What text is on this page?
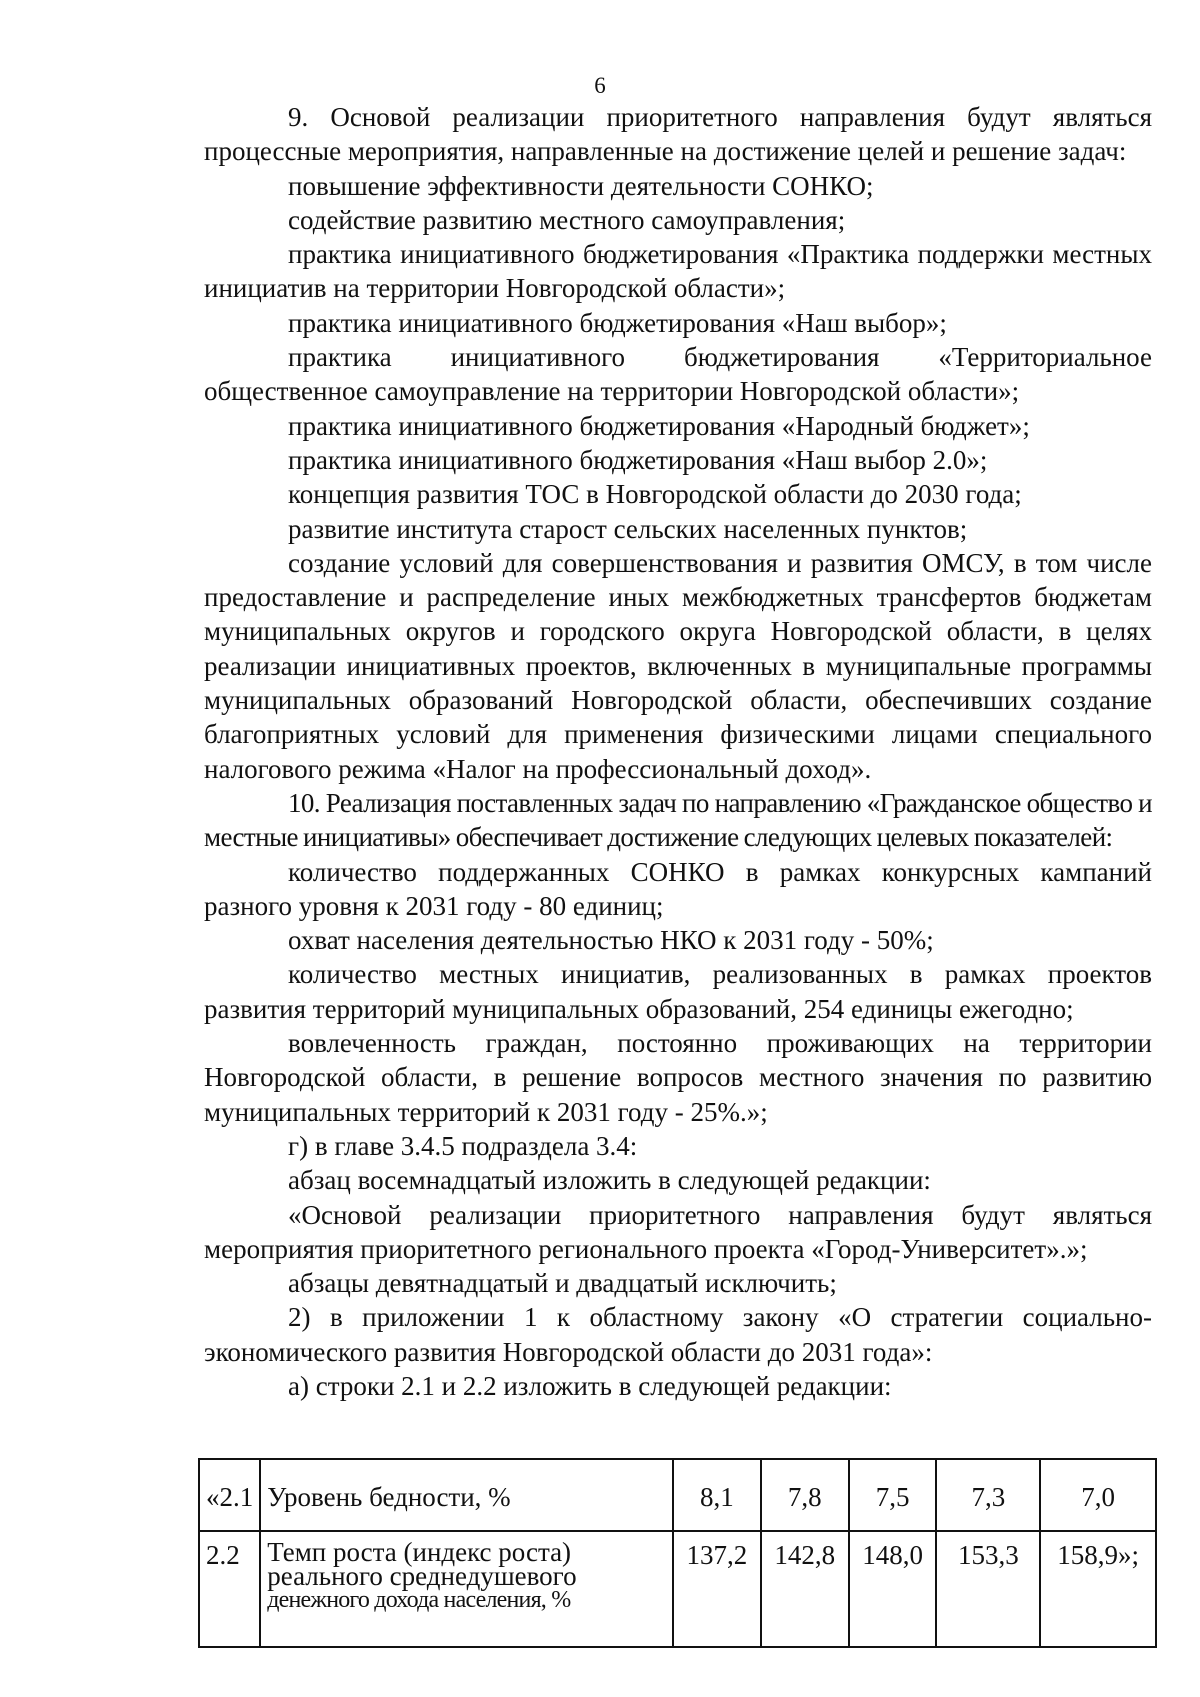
6

9. Основой реализации приоритетного направления будут являться процессные мероприятия, направленные на достижение целей и решение задач:

повышение эффективности деятельности СОНКО;

содействие развитию местного самоуправления;

практика инициативного бюджетирования «Практика поддержки местных инициатив на территории Новгородской области»;

практика инициативного бюджетирования «Наш выбор»;

практика инициативного бюджетирования «Территориальное общественное самоуправление на территории Новгородской области»;

практика инициативного бюджетирования «Народный бюджет»;

практика инициативного бюджетирования «Наш выбор 2.0»;

концепция развития ТОС в Новгородской области до 2030 года;

развитие института старост сельских населенных пунктов;

создание условий для совершенствования и развития ОМСУ, в том числе предоставление и распределение иных межбюджетных трансфертов бюджетам муниципальных округов и городского округа Новгородской области, в целях реализации инициативных проектов, включенных в муниципальные программы муниципальных образований Новгородской области, обеспечивших создание благоприятных условий для применения физическими лицами специального налогового режима «Налог на профессиональный доход».

10. Реализация поставленных задач по направлению «Гражданское общество и местные инициативы» обеспечивает достижение следующих целевых показателей:

количество поддержанных СОНКО в рамках конкурсных кампаний разного уровня к 2031 году - 80 единиц;

охват населения деятельностью НКО к 2031 году - 50%;

количество местных инициатив, реализованных в рамках проектов развития территорий муниципальных образований, 254 единицы ежегодно;

вовлеченность граждан, постоянно проживающих на территории Новгородской области, в решение вопросов местного значения по развитию муниципальных территорий к 2031 году - 25%.»;

г) в главе 3.4.5 подраздела 3.4:

абзац восемнадцатый изложить в следующей редакции:

«Основой реализации приоритетного направления будут являться мероприятия приоритетного регионального проекта «Город-Университет».»;

абзацы девятнадцатый и двадцатый исключить;

2) в приложении 1 к областному закону «О стратегии социально-экономического развития Новгородской области до 2031 года»:

а) строки 2.1 и 2.2 изложить в следующей редакции:

«2.1	Уровень бедности, %	8,1	7,8	7,5	7,3	7,0
2.2	Темп роста (индекс роста)
реального среднедушевого
денежного дохода населения, %	137,2	142,8	148,0	153,3	158,9»;
